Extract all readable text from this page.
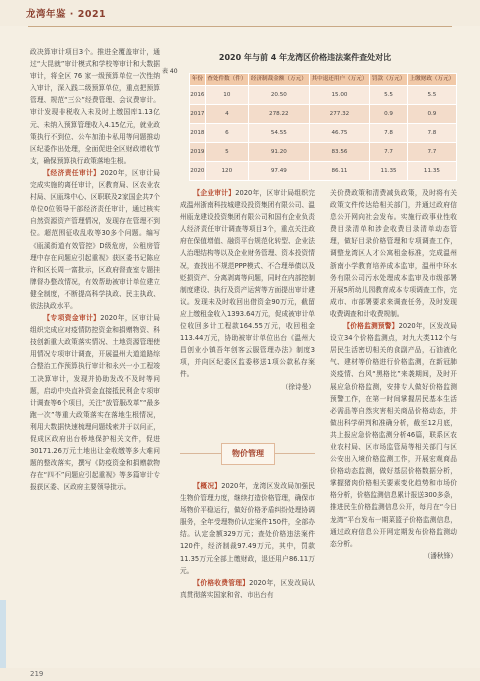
龙湾年鉴 · 2021

政决算审计项目3个。推进全覆盖审计，通过“大昆就”审计模式和学校等审计和大数据审计，将全区 76 家一级预算单位一次性纳入审计，深入践二级预算单位，重点把预算管理、规范“三公”经费管理、会议费审计。审计发现非税收入未及时上缴国库1.13亿元、未纳入预算管理收入4.15亿元，就业政策执行不到位、公车加油卡私用等问题推动区纪委作出处理，全面促进全区财政增收节支，确保预算执行政策落地生根。

【经济责任审计】2020年，区审计局完成实施的离任审计，区教育局、区农业农村局、区瓯珠中心、区职联及2家国企共7个单位0位领导干部经济责任审计，通过核实自然资源资产管理情况，发现存在管理不到位。超范围征收乱收等30多个问题。编写《瓯溪街道有效管控》D级危房，公租房管理中存在问题应引起重视》获区委书记陈应许和区长周一富批示，区政府督查室专题挂牌督办整改情况，有效帮助被审计单位建立健全制度，不断提高科学执政、民主执政、依法执政水平。

【专项资金审计】2020年，区审计局组织完成应对疫情防控资金和捐赠物资、科技创新重大政策落实情况、土地资源管理使用情况专项审计调查，开展温州大道道路综合整治工作预算执行审计和永兴一小工程竣工决算审计，发现并协助发改不及时等问题，启动中央直补资金直接抵民利企专项审计调查等6个项目，关注“放管服改革”“最多跑一次”等重大政策落实在落地生根情况，利用大数据快速梳理问题线索并于以问正，促成区政府出台桥地保护相关文件，促进30171.26万元土地出让金收缴等多大难问题的整改落实，撰写《防疫资金和捐赠款物存在“四不”问题应引起重视》等多篇审计专报获区委、区政府主要领导批示。

2020 年与前 4 年龙湾区价格违法案件查处对比
表 40
年份	查处件数（件）	经济制裁金额（万元）	其中退还用户（万元）	罚款（万元）	上缴财政（万元）
2016	10	20.50	15.00	5.5	5.5
2017	4	278.22	277.32	0.9	0.9
2018	6	54.55	46.75	7.8	7.8
2019	5	91.20	83.56	7.7	7.7
2020	120	97.49	86.11	11.35	11.35

【企业审计】2020年，区审计局组织完成温州浙南科技城建设投资集团有限公司、温州瓯龙建设投资集团有限公司和国有企业负责人经济责任审计调查等项目3个，重点关注政府在保值增值、融资平台规范化转型、企业法人治理结构等以及企业财务管理、资本投资情况，查找出不规范PPP模式、不合理举债以及贬损资产、分离剥离等问题，同时在内部控制制度建设、执行及资产运营等方面提出审计建议。发现未及时收回出借资金90万元，截留应上缴租金收入1393.64万元，促成被审计单位收回多计工程款164.55万元，收回租金113.44万元，协助被审计单位出台《温州大昌创业小镇吾年创客云服管理办法》制度3项，并向区纪委区监委移送1项公款私存案件。

（徐诗曼）

物价管理

【概况】2020年，龙湾区发改局加强民生物价管理力度，继续打造价格管理，确保市场物价平稳运行，做好价格矛盾纠纷处理协调服务，全年受理物价认定案件150件，全部办结。认定金额329万元；查处价格违法案件120件，经济制裁97.49万元，其中，罚款11.35万元全部上缴财政，退还用户86.11万元。

【价格收费管理】2020年，区发改局认真贯彻落实国家和省、市出台有

关价费政策和清费减负政策，及时将有关政策文件传达给相关部门，并通过政府信息公开网向社会发布。实施行政事业性收费目录清单和涉企收费目录清单动态管理，做好目录价格管理和专项调查工作，调整龙湾区人才公寓租金标准，完成温州浙南小学教育培养成本监审，温州中环水务有限公司污水处理成本监审及市级部署开展5所幼儿园教育成本专项调查工作，完成市、市部署要求来调查任务，及时发现收费调查和计收费规制。

【价格监测预警】2020年，区发改局设立34个价格监测点，对九大类112个与居民生活密切相关的食副产品，石油液化气、建材等价格进行价格监测，在新冠肺炎疫情、台风“黑格比”来袭期间，及时开展应急价格监测，安排专人做好价格监测预警工作，在第一时间掌握居民基本生活必需品等自然灾害相关商品价格动态，并做出科学研判和准确分析，截至12月底，共上报应急价格监测分析46篇，联系区农业农村局、区市场监管局等相关部门与区公安出入境价格监测工作，开展宏观商品价格动态监测，做好基层价格数据分析，掌握猪肉价格相关要素变化趋势和市场价格分析，价格监测信息累计报送300多条，推进民生价格监测信息公开，每月在“今日龙湾”平台发布一期菜篮子价格监测信息，通过政府信息公开网定期发布价格监测动态分析。

（潘秋锋）

219
